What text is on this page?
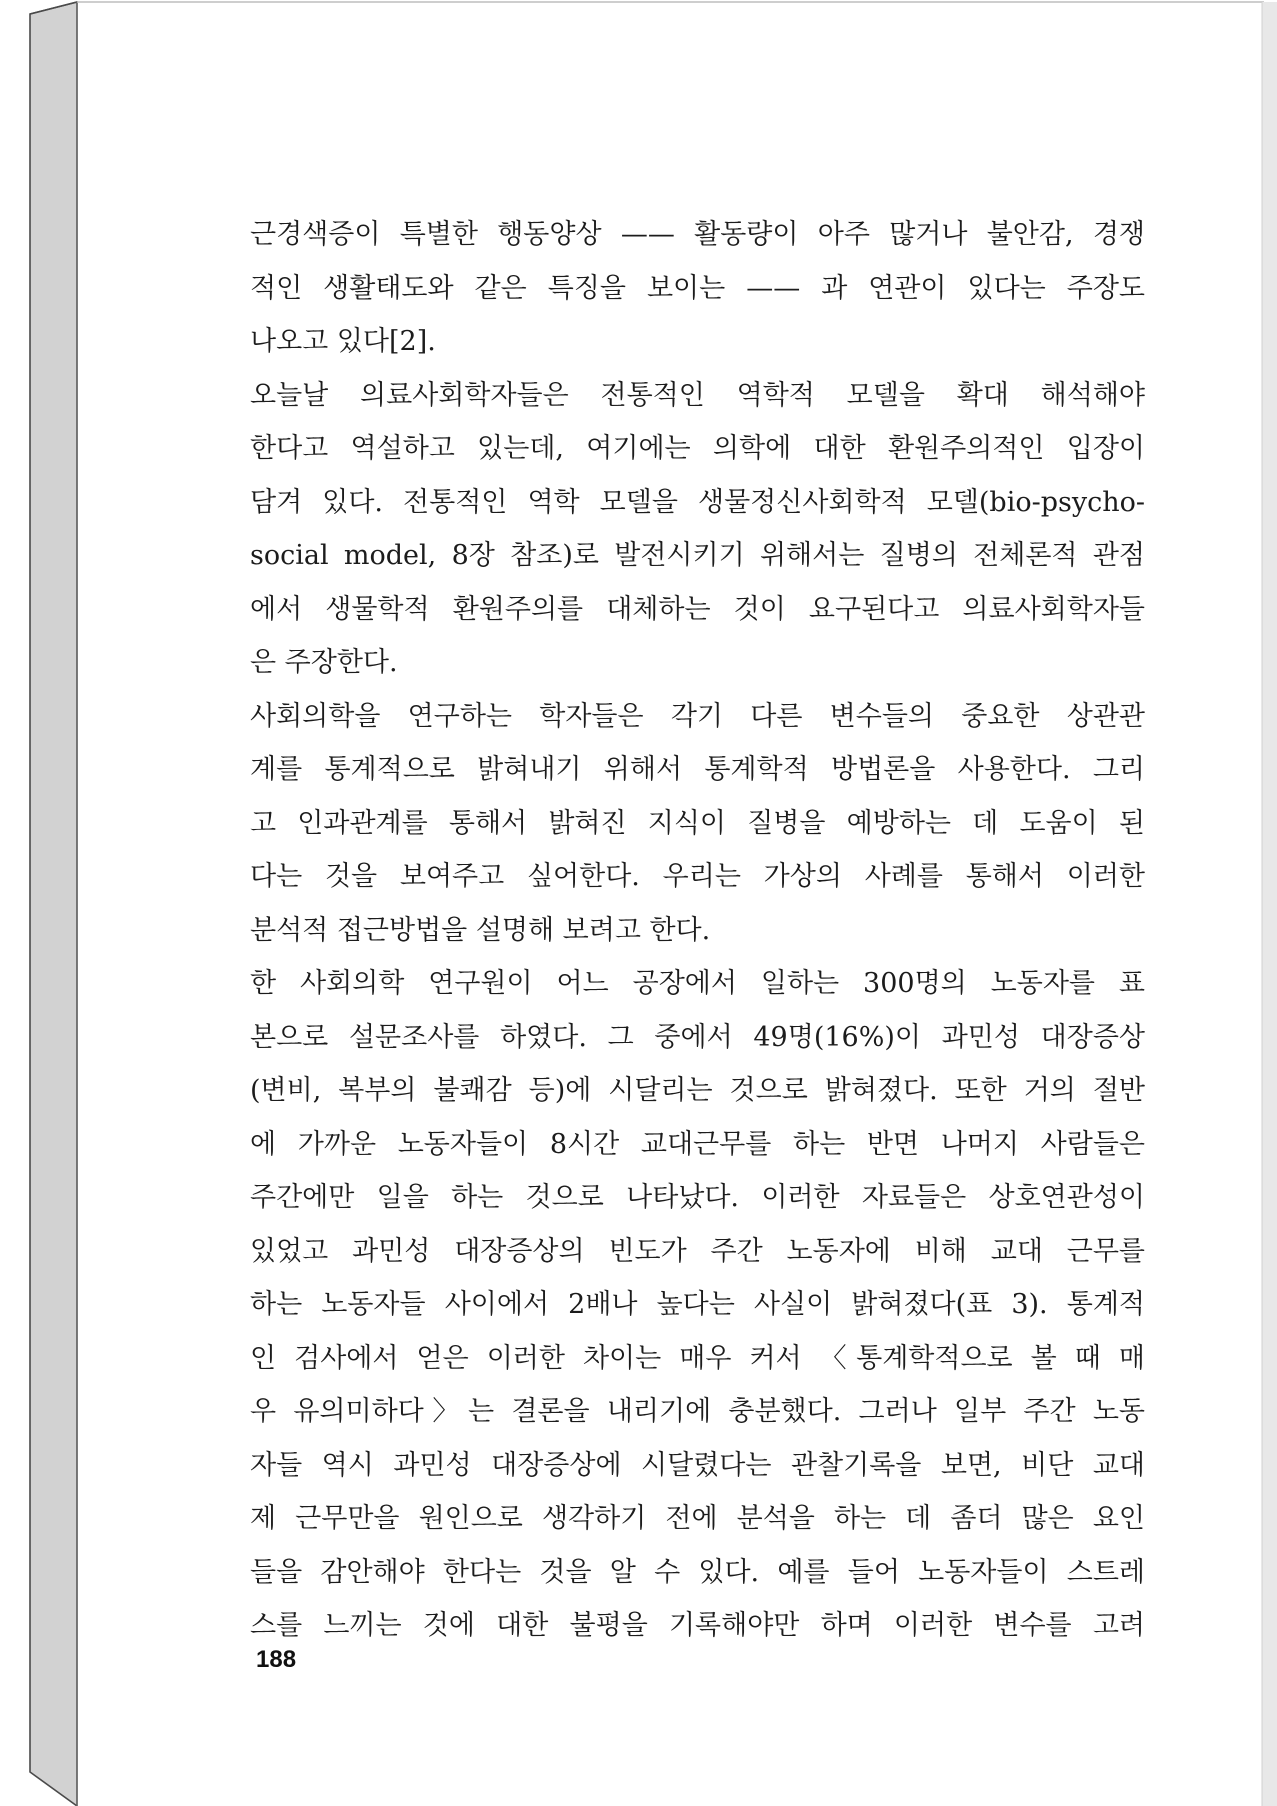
근경색증이 특별한 행동양상 —— 활동량이 아주 많거나 불안감, 경쟁
적인 생활태도와 같은 특징을 보이는 —— 과 연관이 있다는 주장도
나오고 있다[2].
오늘날 의료사회학자들은 전통적인 역학적 모델을 확대 해석해야
한다고 역설하고 있는데, 여기에는 의학에 대한 환원주의적인 입장이
담겨 있다. 전통적인 역학 모델을 생물정신사회학적 모델(bio-psycho-
social model, 8장 참조)로 발전시키기 위해서는 질병의 전체론적 관점
에서 생물학적 환원주의를 대체하는 것이 요구된다고 의료사회학자들
은 주장한다.
사회의학을 연구하는 학자들은 각기 다른 변수들의 중요한 상관관
계를 통계적으로 밝혀내기 위해서 통계학적 방법론을 사용한다. 그리
고 인과관계를 통해서 밝혀진 지식이 질병을 예방하는 데 도움이 된
다는 것을 보여주고 싶어한다. 우리는 가상의 사례를 통해서 이러한
분석적 접근방법을 설명해 보려고 한다.
한 사회의학 연구원이 어느 공장에서 일하는 300명의 노동자를 표
본으로 설문조사를 하였다. 그 중에서 49명(16%)이 과민성 대장증상
(변비, 복부의 불쾌감 등)에 시달리는 것으로 밝혀졌다. 또한 거의 절반
에 가까운 노동자들이 8시간 교대근무를 하는 반면 나머지 사람들은
주간에만 일을 하는 것으로 나타났다. 이러한 자료들은 상호연관성이
있었고 과민성 대장증상의 빈도가 주간 노동자에 비해 교대 근무를
하는 노동자들 사이에서 2배나 높다는 사실이 밝혀졌다(표 3). 통계적
인 검사에서 얻은 이러한 차이는 매우 커서 〈통계학적으로 볼 때 매
우 유의미하다〉는 결론을 내리기에 충분했다. 그러나 일부 주간 노동
자들 역시 과민성 대장증상에 시달렸다는 관찰기록을 보면, 비단 교대
제 근무만을 원인으로 생각하기 전에 분석을 하는 데 좀더 많은 요인
들을 감안해야 한다는 것을 알 수 있다. 예를 들어 노동자들이 스트레
스를 느끼는 것에 대한 불평을 기록해야만 하며 이러한 변수를 고려
188
